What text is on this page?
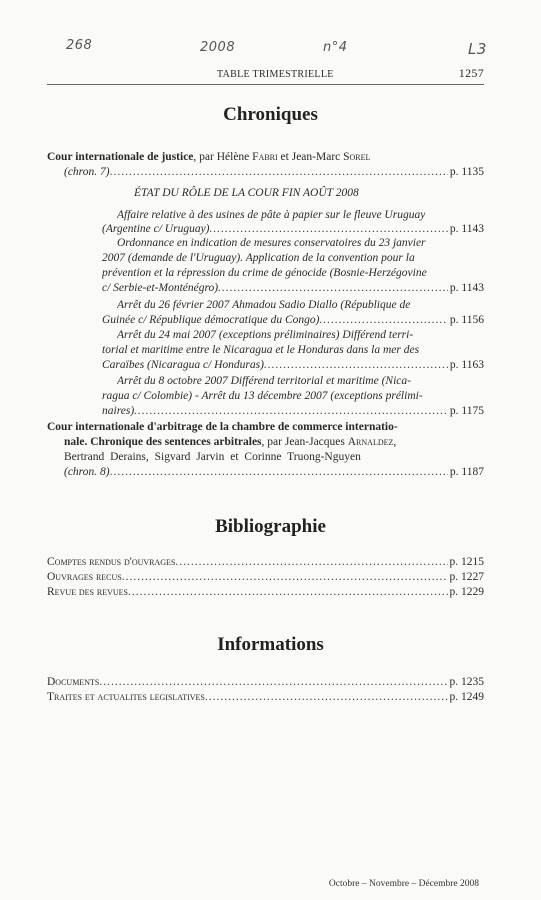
268	2008	n°4	L3
TABLE TRIMESTRIELLE	1257
Chroniques
Cour internationale de justice, par Hélène Fabri et Jean-Marc Sorel
(chron. 7) .....	p. 1135
ÉTAT DU RÔLE DE LA COUR FIN AOÛT 2008
Affaire relative à des usines de pâte à papier sur le fleuve Uruguay
(Argentine c/ Uruguay) .....	p. 1143
Ordonnance en indication de mesures conservatoires du 23 janvier
2007 (demande de l'Uruguay). Application de la convention pour la
prévention et la répression du crime de génocide (Bosnie-Herzégovine
c/ Serbie-et-Monténégro) .....	p. 1143
Arrêt du 26 février 2007 Ahmadou Sadio Diallo (République de
Guinée c/ République démocratique du Congo) .....	p. 1156
Arrêt du 24 mai 2007 (exceptions préliminaires) Différend terri-
torial et maritime entre le Nicaragua et le Honduras dans la mer des
Caraïbes (Nicaragua c/ Honduras) .....	p. 1163
Arrêt du 8 octobre 2007 Différend territorial et maritime (Nica-
ragua c/ Colombie) - Arrêt du 13 décembre 2007 (exceptions prélimi-
naires) .....	p. 1175
Cour internationale d'arbitrage de la chambre de commerce internatio-
nale. Chronique des sentences arbitrales, par Jean-Jacques Arnaldez,
Bertrand Derains, Sigvard Jarvin et Corinne Truong-Nguyen
(chron. 8) .....	p. 1187
Bibliographie
Comptes rendus d'ouvrages .....	p. 1215
Ouvrages recus .....	p. 1227
Revue des revues .....	p. 1229
Informations
Documents .....	p. 1235
Traites et actualites legislatives .....	p. 1249
Octobre – Novembre – Décembre 2008
